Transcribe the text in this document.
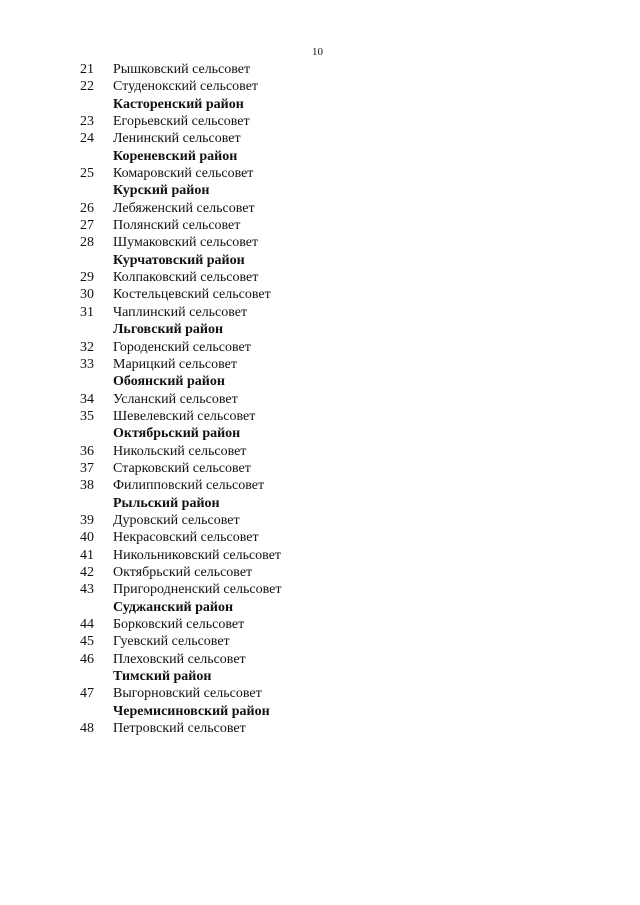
10
21	Рышковский сельсовет
22	Студенокский сельсовет
Касторенский район
23	Егорьевский сельсовет
24	Ленинский сельсовет
Кореневский район
25	Комаровский сельсовет
Курский район
26	Лебяженский сельсовет
27	Полянский сельсовет
28	Шумаковский сельсовет
Курчатовский район
29	Колпаковский сельсовет
30	Костельцевский сельсовет
31	Чаплинский сельсовет
Льговский район
32	Городенский сельсовет
33	Марицкий сельсовет
Обоянский район
34	Усланский сельсовет
35	Шевелевский сельсовет
Октябрьский район
36	Никольский сельсовет
37	Старковский сельсовет
38	Филипповский сельсовет
Рыльский район
39	Дуровский сельсовет
40	Некрасовский сельсовет
41	Никольниковский сельсовет
42	Октябрьский сельсовет
43	Пригородненский сельсовет
Суджанский район
44	Борковский сельсовет
45	Гуевский сельсовет
46	Плеховский сельсовет
Тимский район
47	Выгорновский сельсовет
Черемисиновский район
48	Петровский сельсовет
